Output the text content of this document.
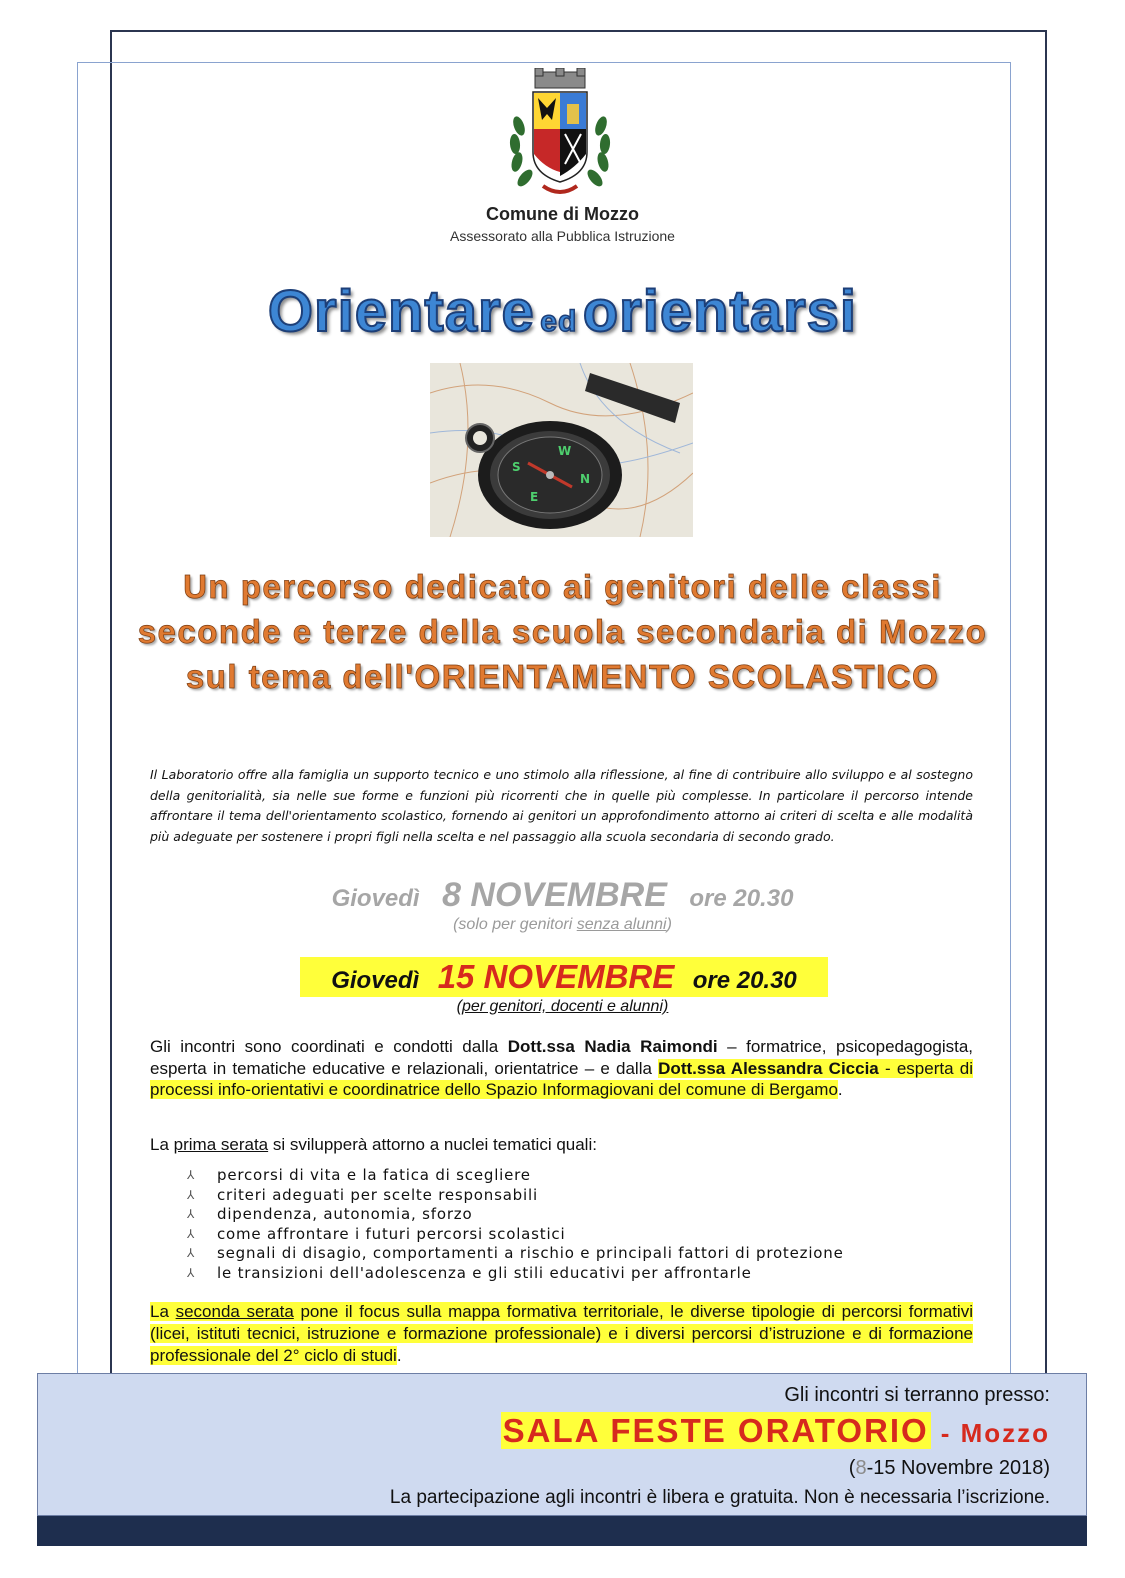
Comune di Mozzo
Assessorato alla Pubblica Istruzione
Orientare ed orientarsi
S
E
W
N
Un percorso dedicato ai genitori delle classi seconde e terze della scuola secondaria di Mozzo sul tema dell'ORIENTAMENTO SCOLASTICO
Il Laboratorio offre alla famiglia un supporto tecnico e uno stimolo alla riflessione, al fine di contribuire allo sviluppo e al sostegno della genitorialità, sia nelle sue forme e funzioni più ricorrenti che in quelle più complesse. In particolare il percorso intende affrontare il tema dell'orientamento scolastico, fornendo ai genitori un approfondimento attorno ai criteri di scelta e alle modalità più adeguate per sostenere i propri figli nella scelta e nel passaggio alla scuola secondaria di secondo grado.
Giovedì 8 NOVEMBRE ore 20.30
(solo per genitori senza alunni)
Giovedì 15 NOVEMBRE ore 20.30
(per genitori, docenti e alunni)
Gli incontri sono coordinati e condotti dalla Dott.ssa Nadia Raimondi – formatrice, psicopedagogista, esperta in tematiche educative e relazionali, orientatrice – e dalla Dott.ssa Alessandra Ciccia - esperta di processi info-orientativi e coordinatrice dello Spazio Informagiovani del comune di Bergamo.
La prima serata si svilupperà attorno a nuclei tematici quali:
⅄ percorsi di vita e la fatica di scegliere
⅄ criteri adeguati per scelte responsabili
⅄ dipendenza, autonomia, sforzo
⅄ come affrontare i futuri percorsi scolastici
⅄ segnali di disagio, comportamenti a rischio e principali fattori di protezione
⅄ le transizioni dell'adolescenza e gli stili educativi per affrontarle
La seconda serata pone il focus sulla mappa formativa territoriale, le diverse tipologie di percorsi formativi (licei, istituti tecnici, istruzione e formazione professionale) e i diversi percorsi d’istruzione e di formazione professionale del 2° ciclo di studi.
Gli incontri si terranno presso:
SALA FESTE ORATORIO - Mozzo
(8-15 Novembre 2018)
La partecipazione agli incontri è libera e gratuita. Non è necessaria l’iscrizione.
